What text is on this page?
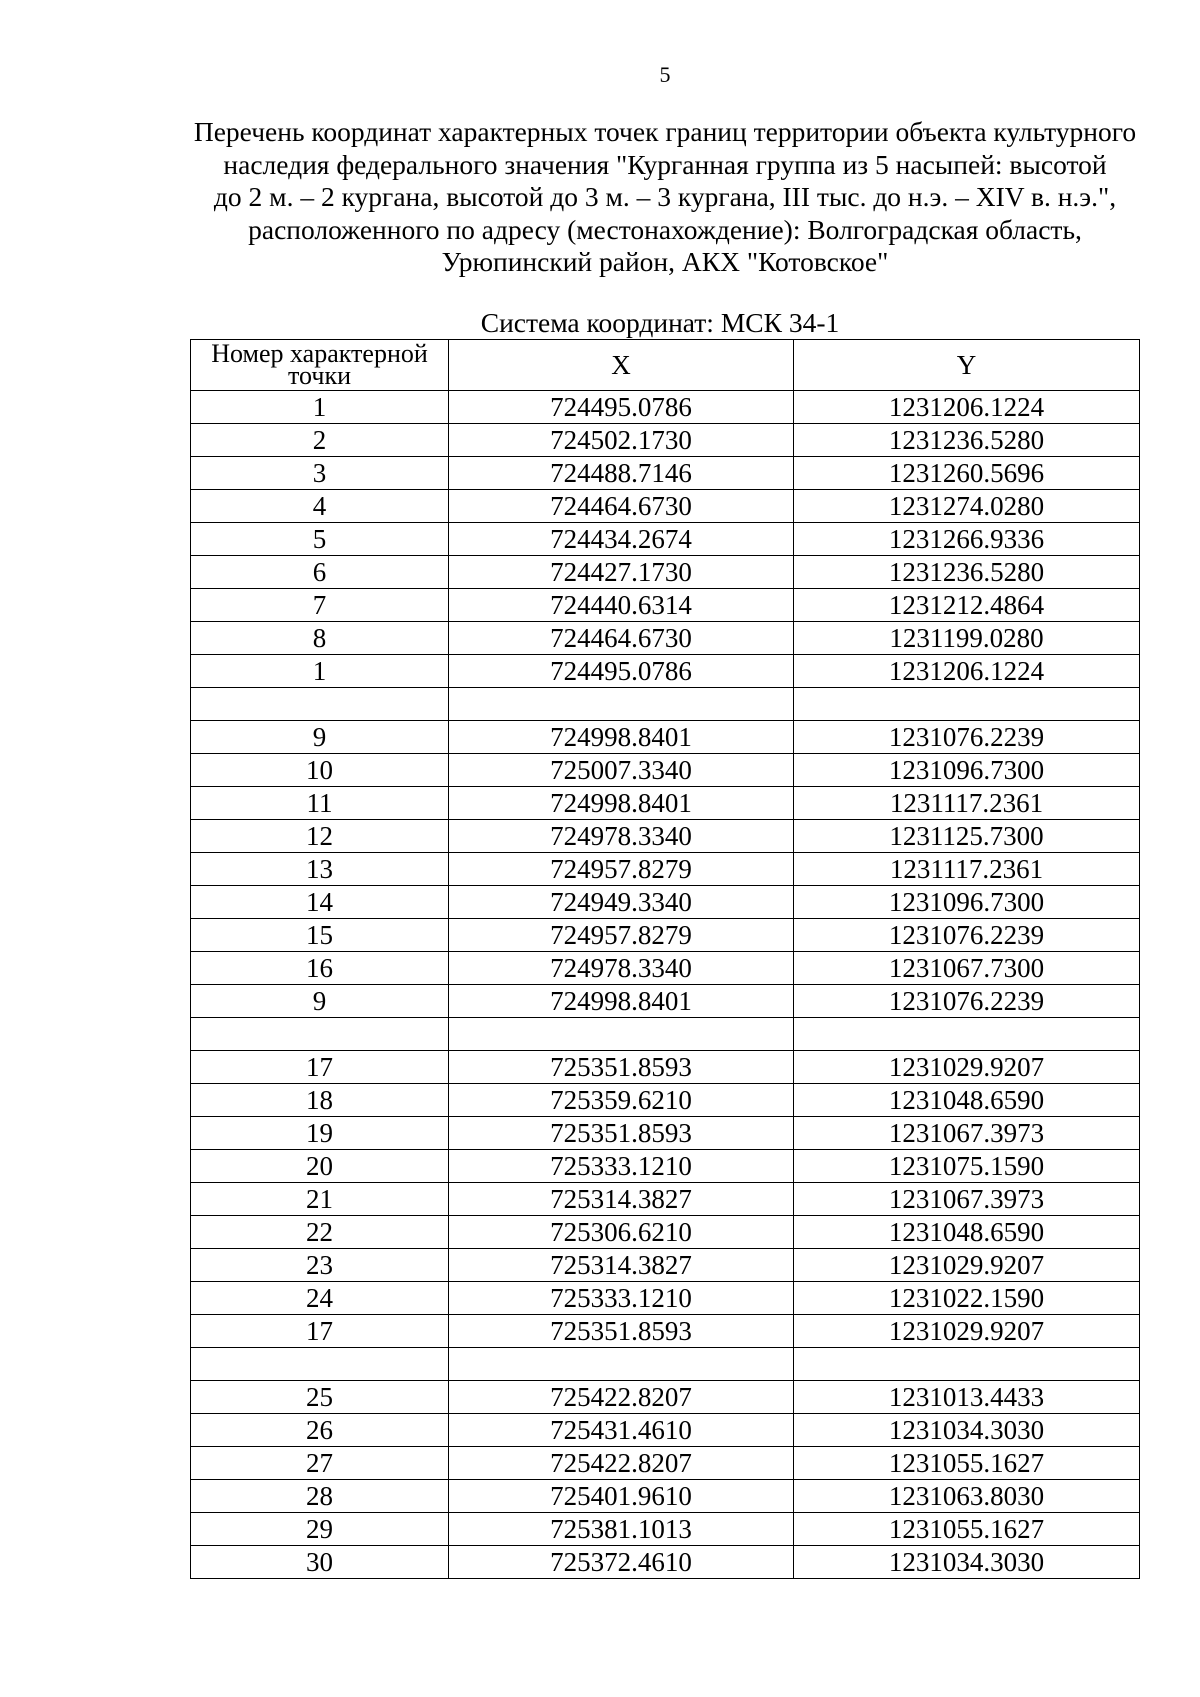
5
Перечень координат характерных точек границ территории объекта культурного
наследия федерального значения "Курганная группа из 5 насыпей: высотой
до 2 м. – 2 кургана, высотой до 3 м. – 3 кургана, III тыс. до н.э. – XIV в. н.э.",
расположенного по адресу (местонахождение): Волгоградская область,
Урюпинский район, АКХ "Котовское"
Система координат: МСК 34-1
Номер характерной
точки	X	Y
1	724495.0786	1231206.1224
2	724502.1730	1231236.5280
3	724488.7146	1231260.5696
4	724464.6730	1231274.0280
5	724434.2674	1231266.9336
6	724427.1730	1231236.5280
7	724440.6314	1231212.4864
8	724464.6730	1231199.0280
1	724495.0786	1231206.1224

9	724998.8401	1231076.2239
10	725007.3340	1231096.7300
11	724998.8401	1231117.2361
12	724978.3340	1231125.7300
13	724957.8279	1231117.2361
14	724949.3340	1231096.7300
15	724957.8279	1231076.2239
16	724978.3340	1231067.7300
9	724998.8401	1231076.2239

17	725351.8593	1231029.9207
18	725359.6210	1231048.6590
19	725351.8593	1231067.3973
20	725333.1210	1231075.1590
21	725314.3827	1231067.3973
22	725306.6210	1231048.6590
23	725314.3827	1231029.9207
24	725333.1210	1231022.1590
17	725351.8593	1231029.9207

25	725422.8207	1231013.4433
26	725431.4610	1231034.3030
27	725422.8207	1231055.1627
28	725401.9610	1231063.8030
29	725381.1013	1231055.1627
30	725372.4610	1231034.3030
